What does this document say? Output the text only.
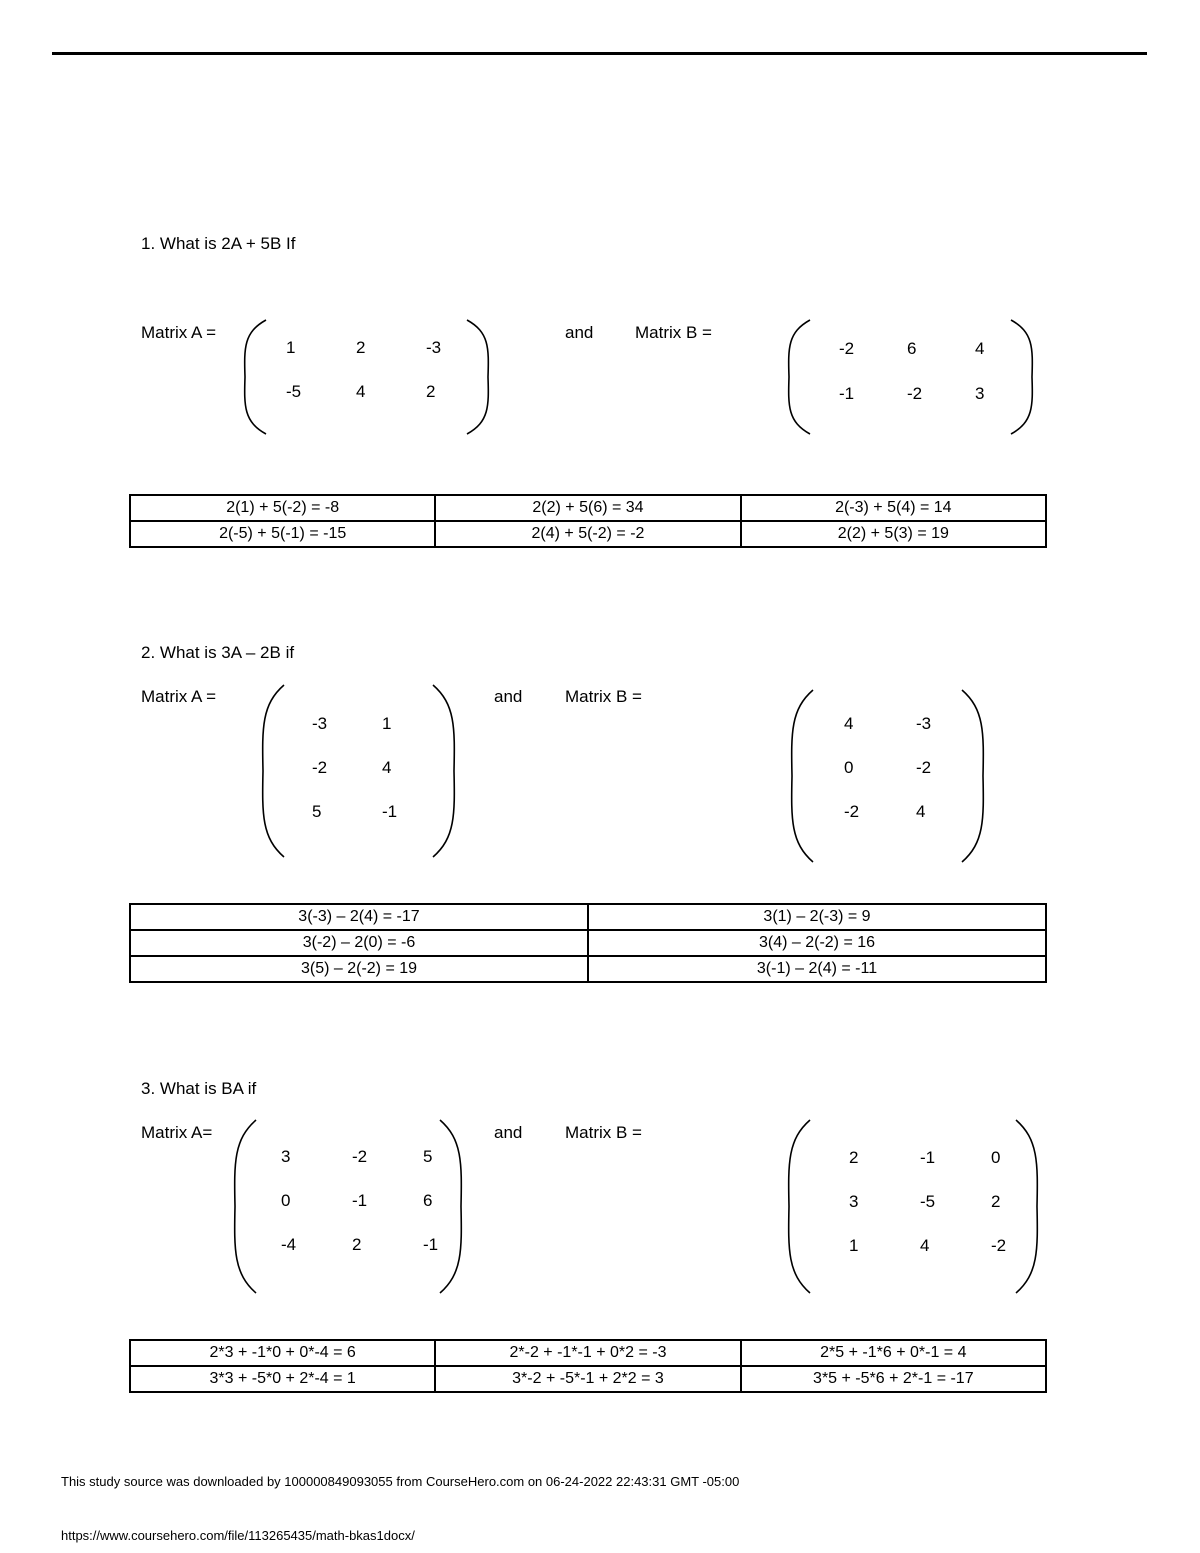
1. What is 2A + 5B If
Matrix A =	and Matrix B =
1	2	-3
-5	4	2
-2	6	4
-1	-2	3
2(1) + 5(-2) = -8	2(2) + 5(6) = 34	2(-3) + 5(4) = 14
2(-5) + 5(-1) = -15	2(4) + 5(-2) = -2	2(2) + 5(3) = 19
2. What is 3A – 2B if
Matrix A =	and	Matrix B =
-3	1
-2	4
5	-1
4	-3
0	-2
-2	4
3(-3) – 2(4) = -17	3(1) – 2(-3) = 9
3(-2) – 2(0) = -6	3(4) – 2(-2) = 16
3(5) – 2(-2) = 19	3(-1) – 2(4) = -11
3. What is BA if
Matrix A=	and	Matrix B =
3	-2	5
0	-1	6
-4	2	-1
2	-1	0
3	-5	2
1	4	-2
2*3 + -1*0 + 0*-4 = 6	2*-2 + -1*-1 + 0*2 = -3	2*5 + -1*6 + 0*-1 = 4
3*3 + -5*0 + 2*-4 = 1	3*-2 + -5*-1 + 2*2 = 3	3*5 + -5*6 + 2*-1 = -17
This study source was downloaded by 100000849093055 from CourseHero.com on 06-24-2022 22:43:31 GMT -05:00
https://www.coursehero.com/file/113265435/math-bkas1docx/
